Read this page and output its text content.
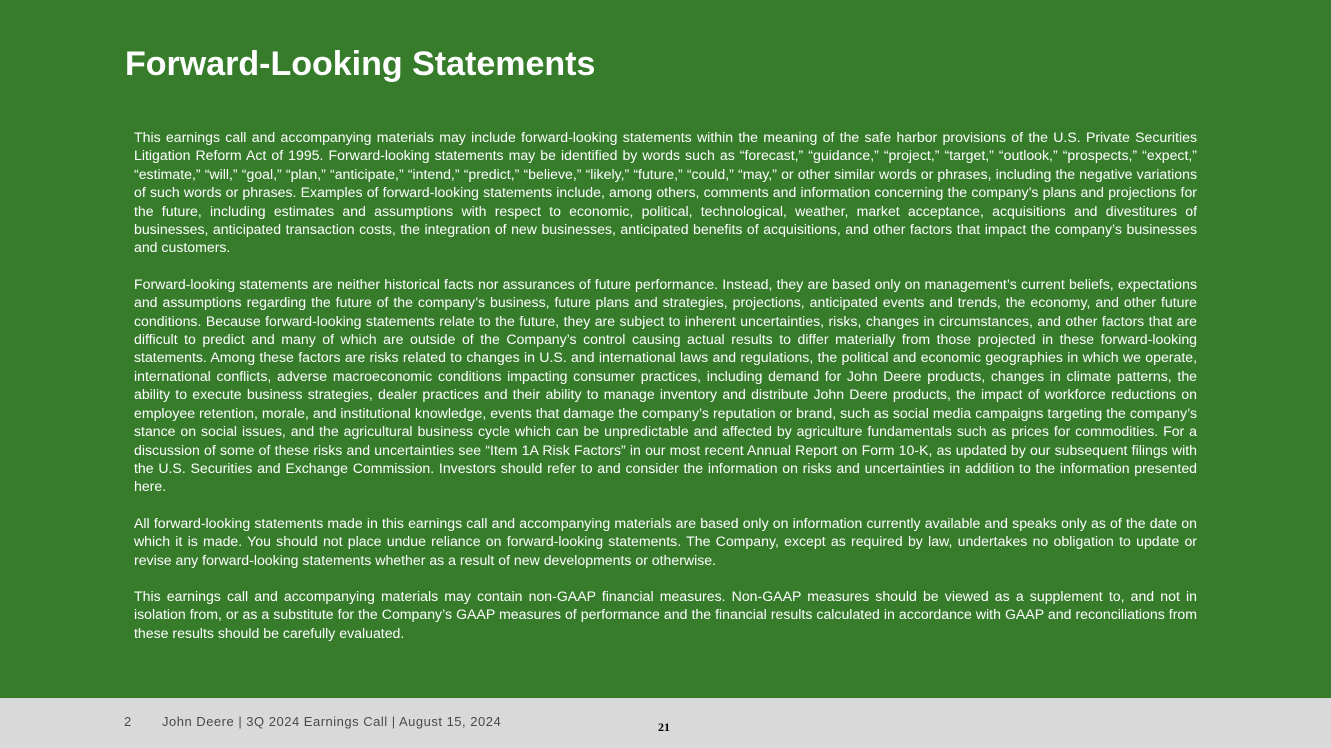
Forward-Looking Statements

This earnings call and accompanying materials may include forward-looking statements within the meaning of the safe harbor provisions of the U.S. Private Securities Litigation Reform Act of 1995. Forward-looking statements may be identified by words such as “forecast,” “guidance,” “project,” “target,” “outlook,” “prospects,” “expect,” “estimate,” “will,” “goal,” “plan,” “anticipate,” “intend,” “predict,” “believe,” “likely,” “future,” “could,” “may,” or other similar words or phrases, including the negative variations of such words or phrases. Examples of forward-looking statements include, among others, comments and information concerning the company’s plans and projections for the future, including estimates and assumptions with respect to economic, political, technological, weather, market acceptance, acquisitions and divestitures of businesses, anticipated transaction costs, the integration of new businesses, anticipated benefits of acquisitions, and other factors that impact the company’s businesses and customers.

Forward-looking statements are neither historical facts nor assurances of future performance. Instead, they are based only on management’s current beliefs, expectations and assumptions regarding the future of the company’s business, future plans and strategies, projections, anticipated events and trends, the economy, and other future conditions. Because forward-looking statements relate to the future, they are subject to inherent uncertainties, risks, changes in circumstances, and other factors that are difficult to predict and many of which are outside of the Company’s control causing actual results to differ materially from those projected in these forward-looking statements. Among these factors are risks related to changes in U.S. and international laws and regulations, the political and economic geographies in which we operate, international conflicts, adverse macroeconomic conditions impacting consumer practices, including demand for John Deere products, changes in climate patterns, the ability to execute business strategies, dealer practices and their ability to manage inventory and distribute John Deere products, the impact of workforce reductions on employee retention, morale, and institutional knowledge, events that damage the company’s reputation or brand, such as social media campaigns targeting the company’s stance on social issues, and the agricultural business cycle which can be unpredictable and affected by agriculture fundamentals such as prices for commodities. For a discussion of some of these risks and uncertainties see “Item 1A Risk Factors” in our most recent Annual Report on Form 10-K, as updated by our subsequent filings with the U.S. Securities and Exchange Commission. Investors should refer to and consider the information on risks and uncertainties in addition to the information presented here.

All forward-looking statements made in this earnings call and accompanying materials are based only on information currently available and speaks only as of the date on which it is made. You should not place undue reliance on forward-looking statements. The Company, except as required by law, undertakes no obligation to update or revise any forward-looking statements whether as a result of new developments or otherwise.

This earnings call and accompanying materials may contain non-GAAP financial measures. Non-GAAP measures should be viewed as a supplement to, and not in isolation from, or as a substitute for the Company’s GAAP measures of performance and the financial results calculated in accordance with GAAP and reconciliations from these results should be carefully evaluated.

2 John Deere | 3Q 2024 Earnings Call | August 15, 2024	21
